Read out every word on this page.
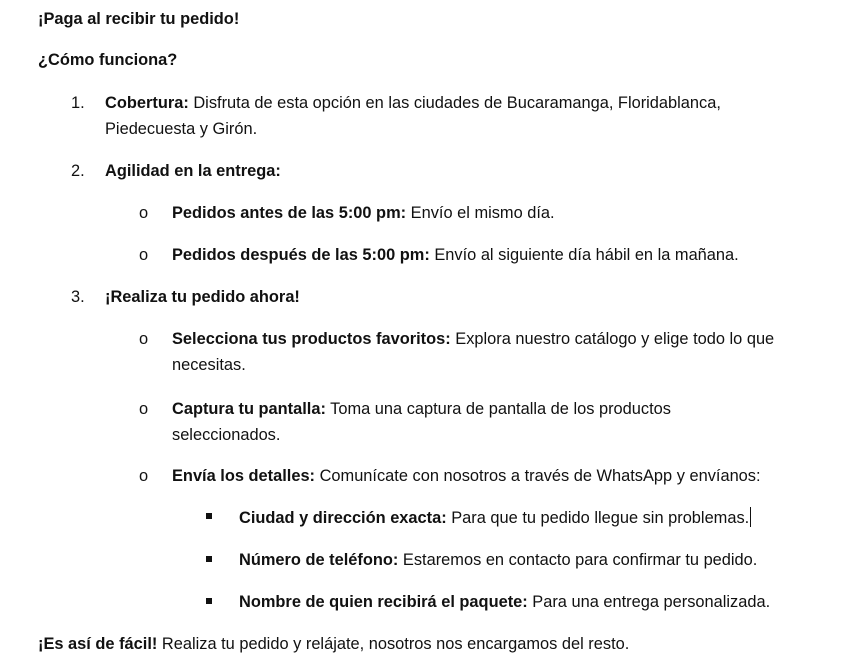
¡Paga al recibir tu pedido!
¿Cómo funciona?
1. Cobertura: Disfruta de esta opción en las ciudades de Bucaramanga, Floridablanca,
Piedecuesta y Girón.
2. Agilidad en la entrega:
o Pedidos antes de las 5:00 pm: Envío el mismo día.
o Pedidos después de las 5:00 pm: Envío al siguiente día hábil en la mañana.
3. ¡Realiza tu pedido ahora!
o Selecciona tus productos favoritos: Explora nuestro catálogo y elige todo lo que
necesitas.
o Captura tu pantalla: Toma una captura de pantalla de los productos
seleccionados.
o Envía los detalles: Comunícate con nosotros a través de WhatsApp y envíanos:
Ciudad y dirección exacta: Para que tu pedido llegue sin problemas.
Número de teléfono: Estaremos en contacto para confirmar tu pedido.
Nombre de quien recibirá el paquete: Para una entrega personalizada.
¡Es así de fácil! Realiza tu pedido y relájate, nosotros nos encargamos del resto.
